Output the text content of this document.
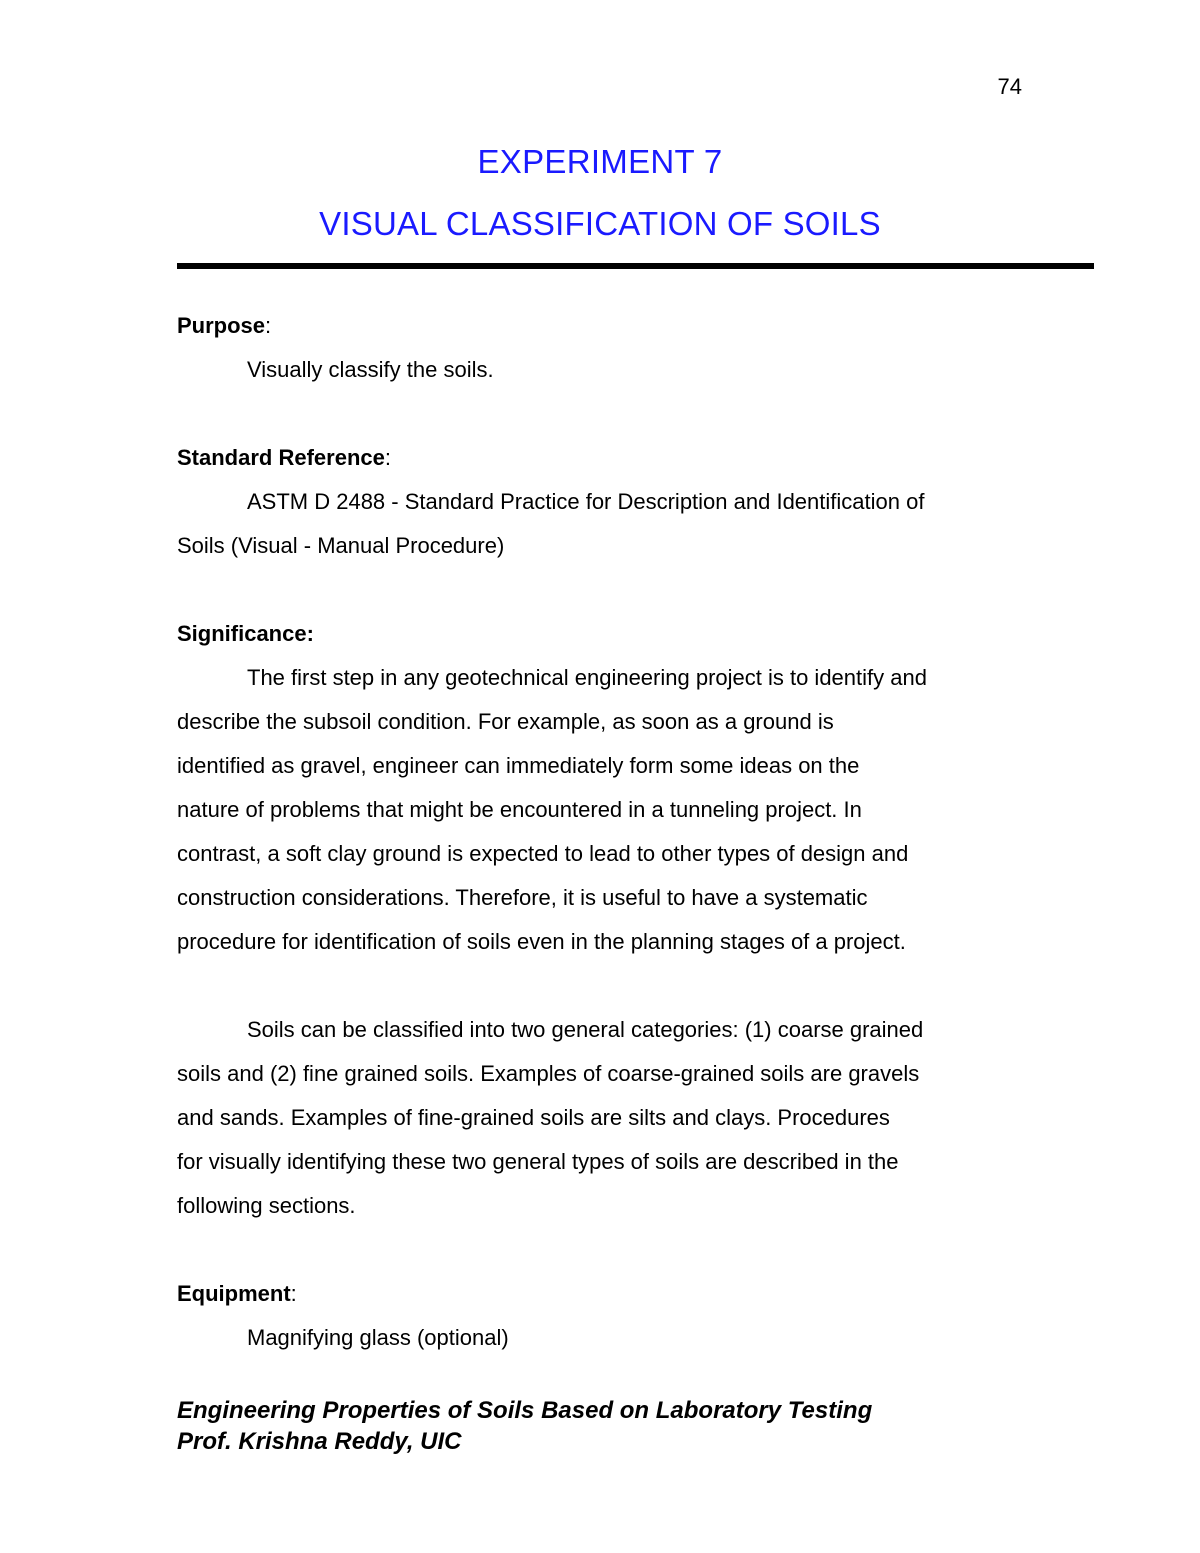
74
EXPERIMENT 7
VISUAL CLASSIFICATION OF SOILS
Purpose:
Visually classify the soils.
Standard Reference:
ASTM D 2488 - Standard Practice for Description and Identification of
Soils (Visual - Manual Procedure)
Significance:
The first step in any geotechnical engineering project is to identify and
describe the subsoil condition. For example, as soon as a ground is
identified as gravel, engineer can immediately form some ideas on the
nature of problems that might be encountered in a tunneling project. In
contrast, a soft clay ground is expected to lead to other types of design and
construction considerations. Therefore, it is useful to have a systematic
procedure for identification of soils even in the planning stages of a project.
Soils can be classified into two general categories: (1) coarse grained
soils and (2) fine grained soils. Examples of coarse-grained soils are gravels
and sands. Examples of fine-grained soils are silts and clays. Procedures
for visually identifying these two general types of soils are described in the
following sections.
Equipment:
Magnifying glass (optional)
Engineering Properties of Soils Based on Laboratory Testing
Prof. Krishna Reddy, UIC
